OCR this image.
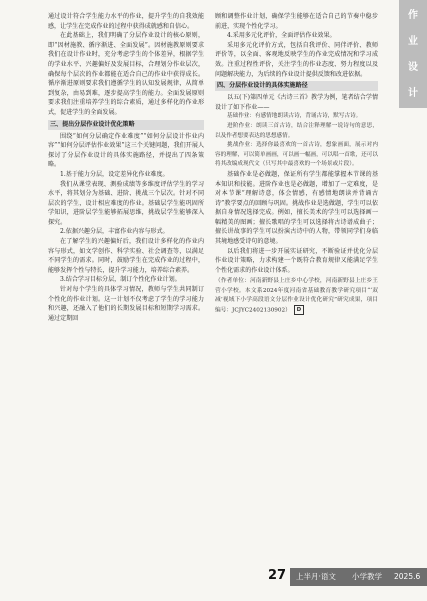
通过设计符合学生能力水平的作业，提升学生的自我效能感，让学生在完成作业的过程中获得成就感和自信心。

在此基础上，我们明确了分层作业设计的核心原则，即“因材施教、循序渐进、全面发展”。因材施教原则要求我们在设计作业时，充分考虑学生的个体差异，根据学生的学业水平、兴趣偏好及发展目标，合理划分作业层次，确保每个层次的作业都能在适合自己的作业中获得成长。循序渐进原则要求我们遵循学生的认知发展规律，从简单到复杂，由易到难，逐步提高学生的能力。全面发展原则要求我们注重培养学生的综合素质，通过多样化的作业形式，促进学生的全面发展。

三、提出分层作业设计优化策略

围绕“如何分层确定作业难度”“如何分层设计作业内容”“如何分层评估作业效果”这三个关键问题，我们开展人探讨了分层作业设计的具体实施路径，并提出了四条策略。

1.基于能力分层，设定差异化作业难度。

我们从课堂表现、测验成绩等多维度评估学生的学习水平，将其划分为基础、进阶、挑战三个层次。针对不同层次的学生，设计相应难度的作业。基础层学生能巩固所学知识，进阶层学生能够拓展思维，挑战层学生能够深入探究。

2.依据兴趣分层，丰富作业内容与形式。

在了解学生的兴趣偏好后，我们设计多样化的作业内容与形式，如文学创作、科学实验、社会调查等，以满足不同学生的需求。同时，鼓励学生在完成作业的过程中，能够发挥个性与特长，提升学习能力，培养综合素养。

3.结合学习目标分层，制订个性化作业计划。

针对每个学生的具体学习情况，教师与学生共同制订个性化的作业计划。这一计划不仅考虑了学生的学习能力和兴趣，还融入了他们的长期发展目标和短期学习需求。通过定期回

顾和调整作业计划，确保学生能够在适合自己的节奏中稳步前进，实现个性化学习。

4.采用多元化评价，全面评估作业效果。

采用多元化评价方式，包括自我评价、同伴评价、教师评价等，以全面、客观地反映学生的作业完成情况和学习成效。注重过程性评价，关注学生的作业态度、努力程度以及问题解决能力，为后续的作业设计提供反馈和改进依据。

四、分层作业设计的具体实施路径

以五(下)第四单元《古诗三首》教学为例，笔者结合学情设计了如下作业——

基础作业：有感情地朗读古诗，背诵古诗，默写古诗。

进阶作业：朗读三首古诗，结合注释理解一说诗句的意思，以及作者想要表达的思想感情。

挑战作业：选择你最喜欢的一首古诗，想象画面，展示对内容的理解，可以简单画画，可以画一幅画，可以唱一首歌，还可以将其改编成现代文（只写其中最喜欢的一个场景或片段）。

基础作业是必做题，保证所有学生都能掌握本节课的基本知识和技能。进阶作业也是必做题，增加了一定难度，是对本节课“理解诗意，体会情感，有感情地朗读并背诵古诗”教学要点的回顾与巩固。挑战作业是选做题，学生可以依据自身情况选择完成。例如，擅长美术的学生可以选择画一幅精美的图画；擅长歌唱的学生可以选择将古诗谱成曲子；擅长讲故事的学生可以扮演古诗中的人物，带领同学们身临其境地感受诗句的意境。

以后我们将进一步开展实证研究，不断验证并优化分层作业设计策略，力求构建一个既符合教育规律又能满足学生个性化需求的作业设计体系。

（作者单位：河南新野县上庄乡中心学校，河南新野县上庄乡王营小学校。本文系2024年度河南省基础教育教学研究项目“‘双减’视域下小学高段语文分层作业设计优化研究”研究成果，项目编号：JCJYC2402130902） D
作
业
设
计
27 上半月·语文 小学教学 2025.6
